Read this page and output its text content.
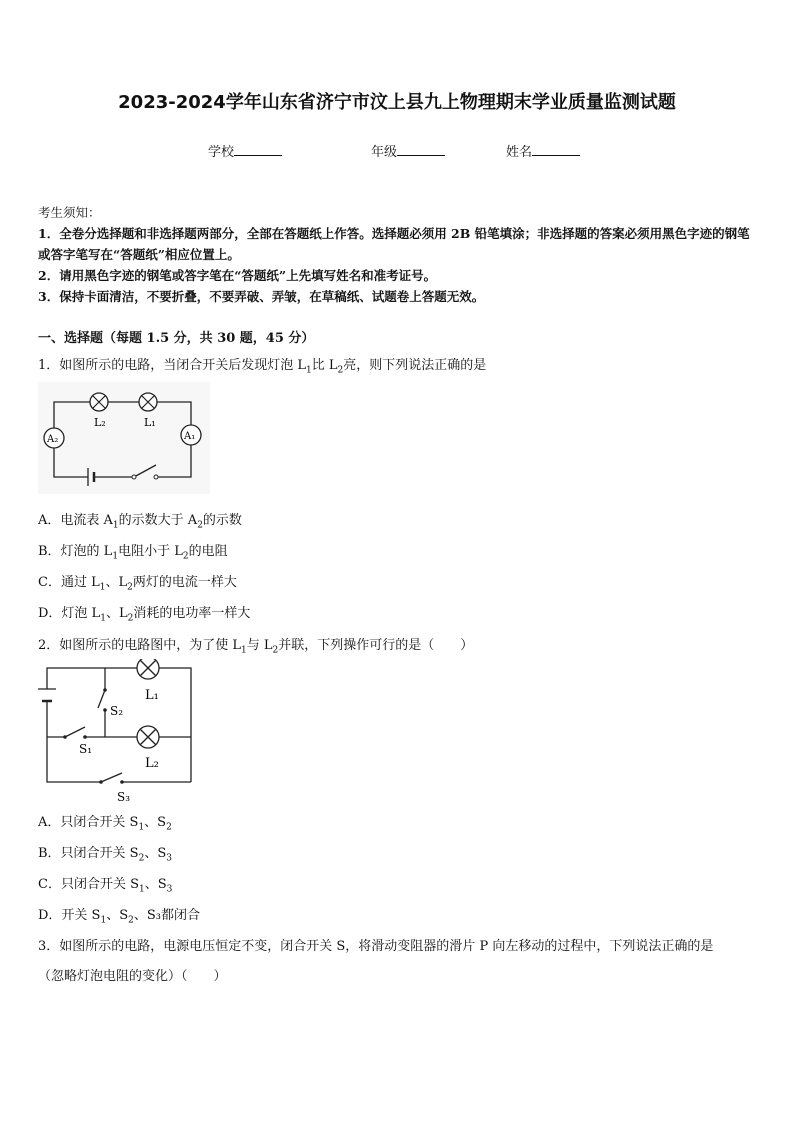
2023-2024学年山东省济宁市汶上县九上物理期末学业质量监测试题
学校	年级	姓名
考生须知：
1．全卷分选择题和非选择题两部分，全部在答题纸上作答。选择题必须用 2B 铅笔填涂；非选择题的答案必须用黑色字迹的钢笔或答字笔写在“答题纸”相应位置上。
2．请用黑色字迹的钢笔或答字笔在“答题纸”上先填写姓名和准考证号。
3．保持卡面清洁，不要折叠，不要弄破、弄皱，在草稿纸、试题卷上答题无效。
一、选择题（每题 1.5 分，共 30 题，45 分）
1．如图所示的电路，当闭合开关后发现灯泡 $L_1$比 $L_2$亮，则下列说法正确的是
L₂	L₁
A₂	A₁
A．电流表 $A_1$的示数大于 $A_2$的示数
B．灯泡的 $L_1$电阻小于 $L_2$的电阻
C．通过 $L_1$、$L_2$两灯的电流一样大
D．灯泡 $L_1$、$L_2$消耗的电功率一样大
2．如图所示的电路图中，为了使 $L_1$与 $L_2$并联，下列操作可行的是（　　）
L₁
L₂
S₂
S₁
S₃
A．只闭合开关 $S_1$、$S_2$
B．只闭合开关 $S_2$、$S_3$
C．只闭合开关 $S_1$、$S_3$
D．开关 $S_1$、$S_2$、S₃都闭合
3．如图所示的电路，电源电压恒定不变，闭合开关 S，将滑动变阻器的滑片 P 向左移动的过程中，下列说法正确的是
（忽略灯泡电阻的变化）（　　）
